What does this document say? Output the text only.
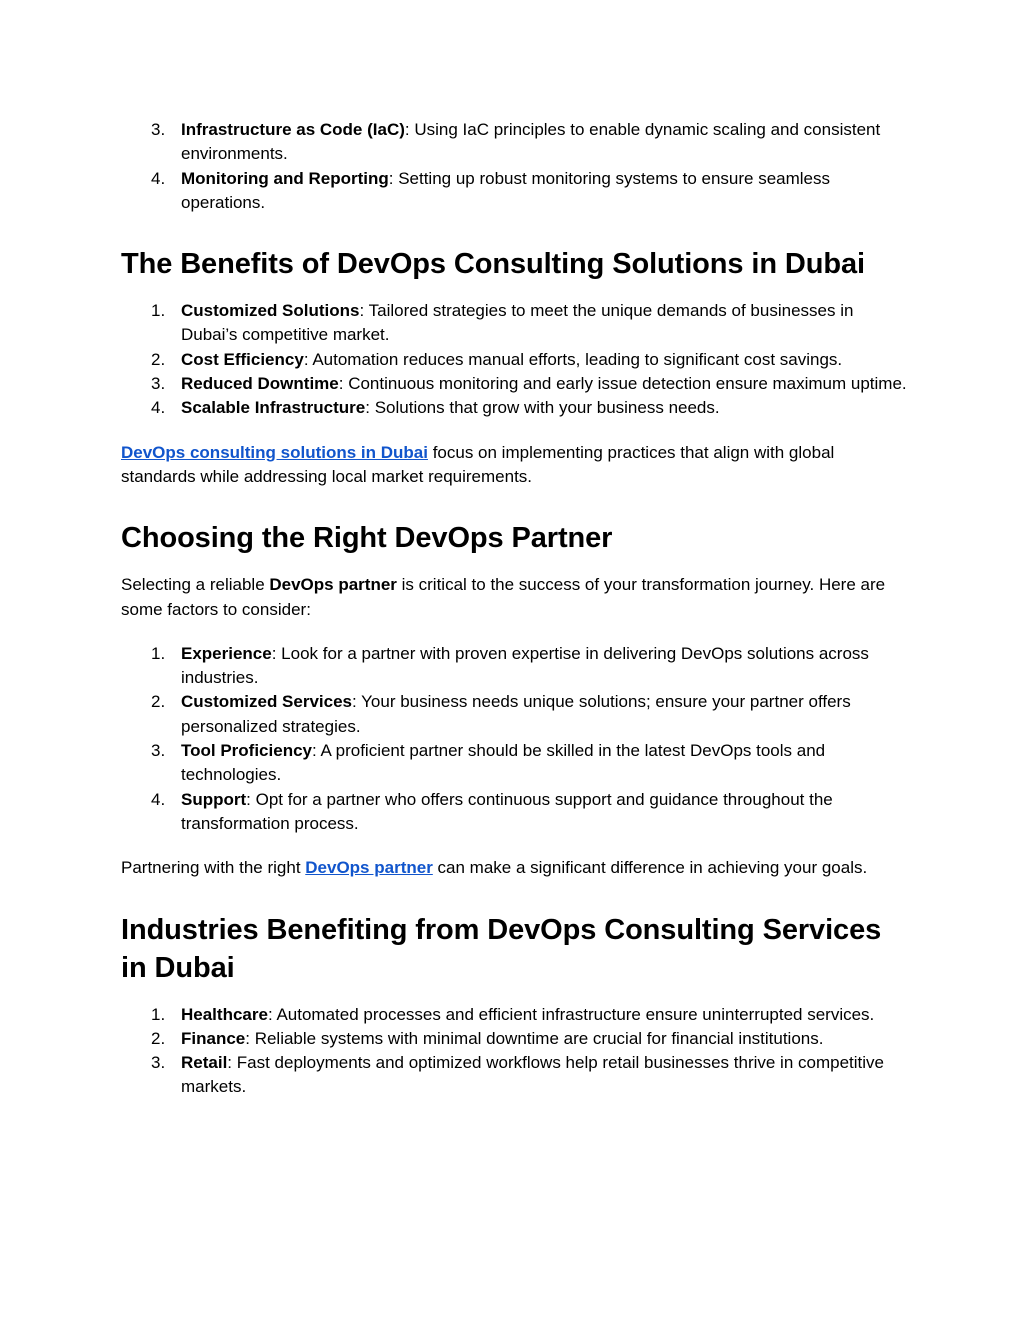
3. Infrastructure as Code (IaC): Using IaC principles to enable dynamic scaling and consistent environments.
4. Monitoring and Reporting: Setting up robust monitoring systems to ensure seamless operations.
The Benefits of DevOps Consulting Solutions in Dubai
1. Customized Solutions: Tailored strategies to meet the unique demands of businesses in Dubai’s competitive market.
2. Cost Efficiency: Automation reduces manual efforts, leading to significant cost savings.
3. Reduced Downtime: Continuous monitoring and early issue detection ensure maximum uptime.
4. Scalable Infrastructure: Solutions that grow with your business needs.

DevOps consulting solutions in Dubai focus on implementing practices that align with global standards while addressing local market requirements.

Choosing the Right DevOps Partner

Selecting a reliable DevOps partner is critical to the success of your transformation journey. Here are some factors to consider:

1. Experience: Look for a partner with proven expertise in delivering DevOps solutions across industries.
2. Customized Services: Your business needs unique solutions; ensure your partner offers personalized strategies.
3. Tool Proficiency: A proficient partner should be skilled in the latest DevOps tools and technologies.
4. Support: Opt for a partner who offers continuous support and guidance throughout the transformation process.

Partnering with the right DevOps partner can make a significant difference in achieving your goals.

Industries Benefiting from DevOps Consulting Services in Dubai
1. Healthcare: Automated processes and efficient infrastructure ensure uninterrupted services.
2. Finance: Reliable systems with minimal downtime are crucial for financial institutions.
3. Retail: Fast deployments and optimized workflows help retail businesses thrive in competitive markets.
